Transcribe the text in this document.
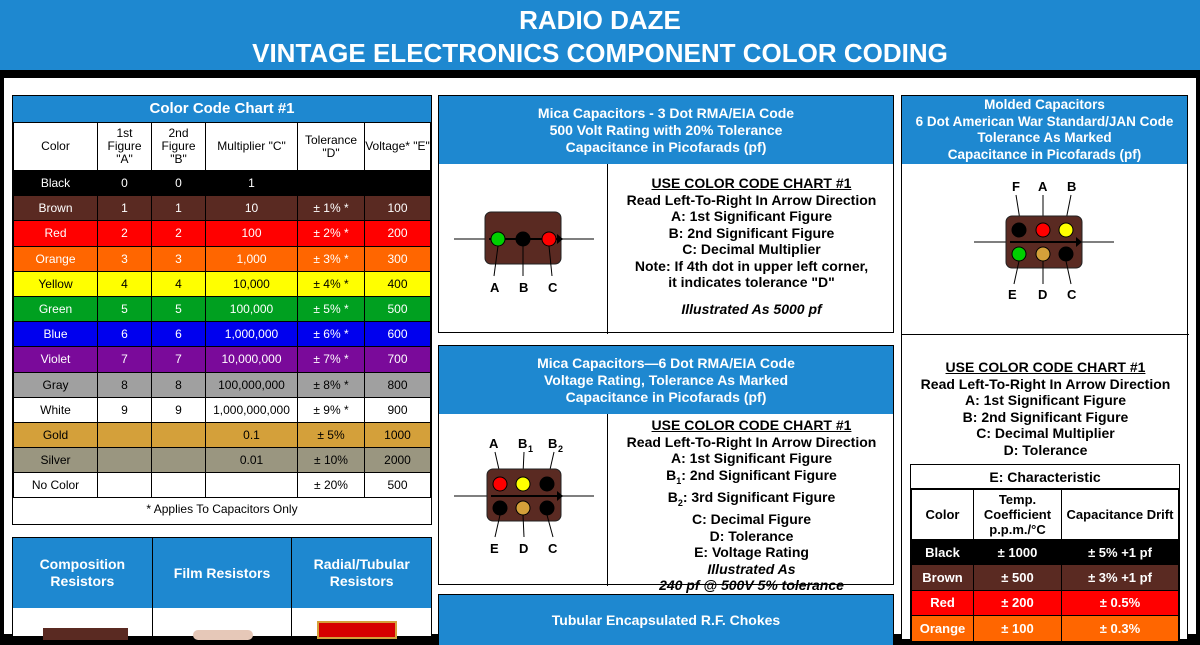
RADIO DAZE
VINTAGE ELECTRONICS COMPONENT COLOR CODING
Color Code Chart #1
Color	1st Figure "A"	2nd Figure "B"	Multiplier "C"	Tolerance "D"	Voltage* "E"
Black	0	0	1		
Brown	1	1	10	± 1% *	100
Red	2	2	100	± 2% *	200
Orange	3	3	1,000	± 3% *	300
Yellow	4	4	10,000	± 4% *	400
Green	5	5	100,000	± 5% *	500
Blue	6	6	1,000,000	± 6% *	600
Violet	7	7	10,000,000	± 7% *	700
Gray	8	8	100,000,000	± 8% *	800
White	9	9	1,000,000,000	± 9% *	900
Gold			0.1	± 5%	1000
Silver			0.01	± 10%	2000
No Color				± 20%	500
* Applies To Capacitors Only
Composition Resistors
Film Resistors
Radial/Tubular Resistors
Mica Capacitors - 3 Dot RMA/EIA Code
500 Volt Rating with 20% Tolerance
Capacitance in Picofarads (pf)
A B C
USE COLOR CODE CHART #1
Read Left-To-Right In Arrow Direction
A: 1st Significant Figure
B: 2nd Significant Figure
C: Decimal Multiplier
Note: If 4th dot in upper left corner,
it indicates tolerance "D"
Illustrated As 5000 pf
Mica Capacitors—6 Dot RMA/EIA Code
Voltage Rating, Tolerance As Marked
Capacitance in Picofarads (pf)
A B 1 B 2
E D C
USE COLOR CODE CHART #1
Read Left-To-Right In Arrow Direction
A: 1st Significant Figure
$B_1$: 2nd Significant Figure
$B_2$: 3rd Significant Figure
C: Decimal Figure
D: Tolerance
E: Voltage Rating
Illustrated As
240 pf @ 500V 5% tolerance
Tubular Encapsulated R.F. Chokes
Molded Capacitors
6 Dot American War Standard/JAN Code
Tolerance As Marked
Capacitance in Picofarads (pf)
F A B
E D C
USE COLOR CODE CHART #1
Read Left-To-Right In Arrow Direction
A: 1st Significant Figure
B: 2nd Significant Figure
C: Decimal Multiplier
D: Tolerance
E: Characteristic
Color	Temp. Coefficient p.p.m./°C	Capacitance Drift
Black	± 1000	± 5% +1 pf
Brown	± 500	± 3% +1 pf
Red	± 200	± 0.5%
Orange	± 100	± 0.3%
